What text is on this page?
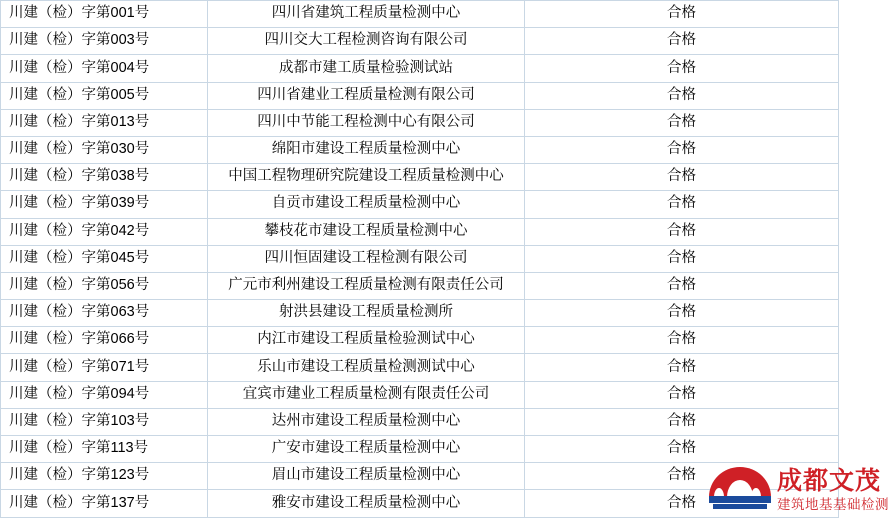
川建（检）字第001号	四川省建筑工程质量检测中心	合格
川建（检）字第003号	四川交大工程检测咨询有限公司	合格
川建（检）字第004号	成都市建工质量检验测试站	合格
川建（检）字第005号	四川省建业工程质量检测有限公司	合格
川建（检）字第013号	四川中节能工程检测中心有限公司	合格
川建（检）字第030号	绵阳市建设工程质量检测中心	合格
川建（检）字第038号	中国工程物理研究院建设工程质量检测中心	合格
川建（检）字第039号	自贡市建设工程质量检测中心	合格
川建（检）字第042号	攀枝花市建设工程质量检测中心	合格
川建（检）字第045号	四川恒固建设工程检测有限公司	合格
川建（检）字第056号	广元市利州建设工程质量检测有限责任公司	合格
川建（检）字第063号	射洪县建设工程质量检测所	合格
川建（检）字第066号	内江市建设工程质量检验测试中心	合格
川建（检）字第071号	乐山市建设工程质量检测测试中心	合格
川建（检）字第094号	宜宾市建业工程质量检测有限责任公司	合格
川建（检）字第103号	达州市建设工程质量检测中心	合格
川建（检）字第113号	广安市建设工程质量检测中心	合格
川建（检）字第123号	眉山市建设工程质量检测中心	合格
川建（检）字第137号	雅安市建设工程质量检测中心	合格
成都文茂
建筑地基基础检测
